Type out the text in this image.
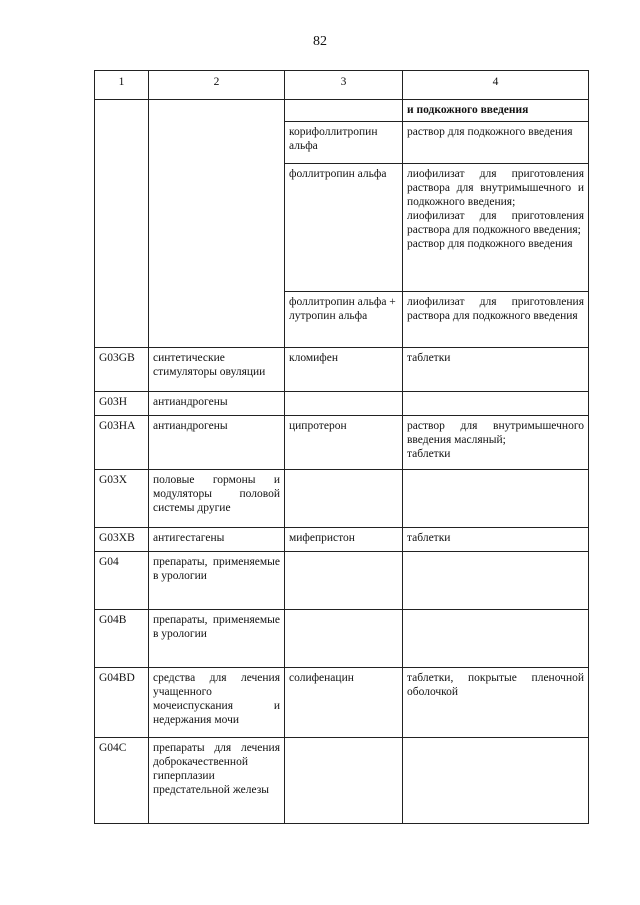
82
1	2	3	4

			и подкожного введения

		корифоллитропин альфа	раствор для подкожного введения

		фоллитропин альфа	лиофилизат для приготовления раствора для внутримышечного и подкожного введения;
лиофилизат для приготовления раствора для подкожного введения;
раствор для подкожного введения

		фоллитропин альфа + лутропин альфа	лиофилизат для приготовления раствора для подкожного введения

G03GB	синтетические стимуляторы овуляции	кломифен	таблетки

G03H	антиандрогены		

G03HA	антиандрогены	ципротерон	раствор для внутримышечного введения масляный;
таблетки

G03X	половые гормоны и модуляторы половой системы другие		

G03XB	антигестагены	мифепристон	таблетки

G04	препараты, применяемые в урологии		

G04B	препараты, применяемые в урологии		

G04BD	средства для лечения учащенного мочеиспускания и недержания мочи	солифенацин	таблетки, покрытые пленочной оболочкой

G04C	препараты для лечения доброкачественной гиперплазии предстательной железы		
